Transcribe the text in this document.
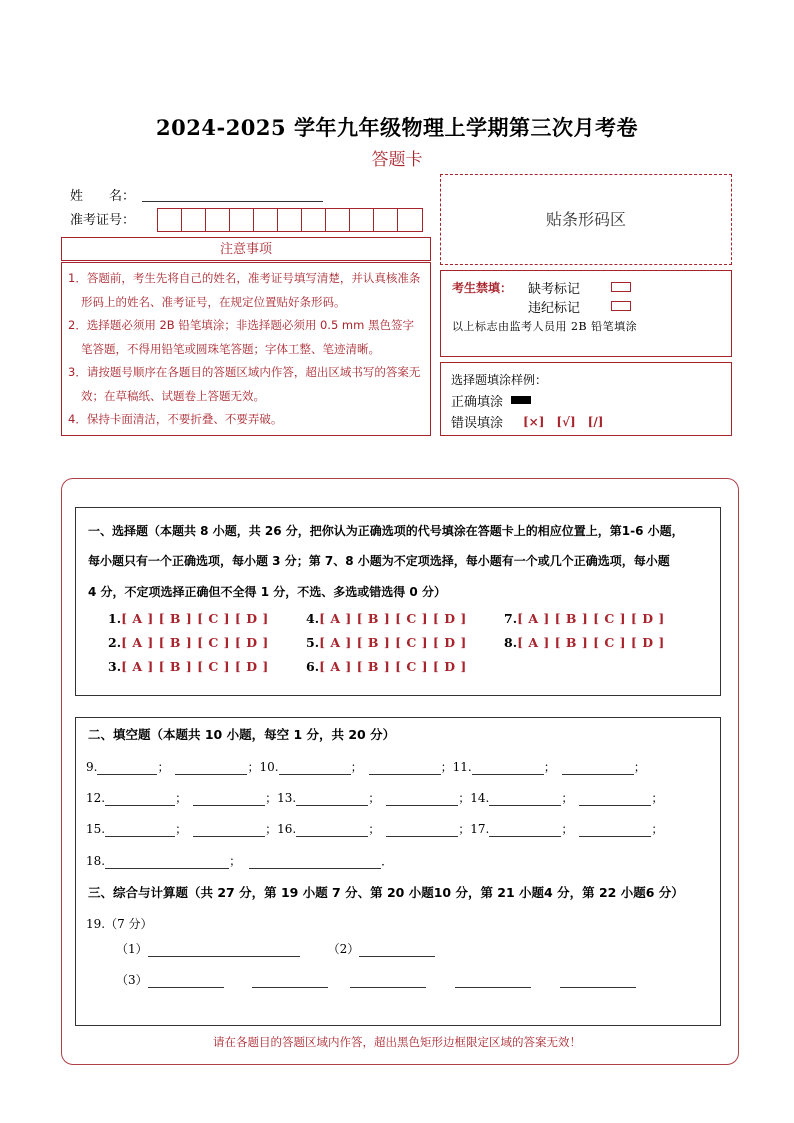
2024-2025 学年九年级物理上学期第三次月考卷
答题卡
姓　　名：
准考证号：
注意事项

1．答题前，考生先将自己的姓名，准考证号填写清楚，并认真核准条形码上的姓名、准考证号，在规定位置贴好条形码。

2．选择题必须用 2B 铅笔填涂；非选择题必须用 0.5 mm 黑色签字笔答题，不得用铅笔或圆珠笔答题；字体工整、笔迹清晰。

3．请按题号顺序在各题目的答题区域内作答，超出区域书写的答案无效；在草稿纸、试题卷上答题无效。

4．保持卡面清洁，不要折叠、不要弄破。

贴条形码区
考生禁填： 缺考标记
违纪标记
以上标志由监考人员用 2B 铅笔填涂
选择题填涂样例：
正确填涂
错误填涂 [×]　[√]　[/]
一、选择题（本题共 8 小题，共 26 分，把你认为正确选项的代号填涂在答题卡上的相应位置上，第1-6 小题，
每小题只有一个正确选项，每小题 3 分；第 7、8 小题为不定项选择，每小题有一个或几个正确选项，每小题
4 分，不定项选择正确但不全得 1 分，不选、多选或错选得 0 分）
1.[ A ] [ B ] [ C ] [ D ]
2.[ A ] [ B ] [ C ] [ D ]
3.[ A ] [ B ] [ C ] [ D ]
4.[ A ] [ B ] [ C ] [ D ]
5.[ A ] [ B ] [ C ] [ D ]
6.[ A ] [ B ] [ C ] [ D ]
7.[ A ] [ B ] [ C ] [ D ]
8.[ A ] [ B ] [ C ] [ D ]
二、填空题（本题共 10 小题，每空 1 分，共 20 分）
9.	；	；10.	；	；11.	；	；
12.	；	；13.	；	；14.	；	；
15.	；	；16.	；	；17.	；	；
18.	；	．
三、综合与计算题（共 27 分，第 19 小题 7 分、第 20 小题10 分，第 21 小题4 分，第 22 小题6 分）
19.（7 分）
（1）	（2）
（3）
请在各题目的答题区域内作答，超出黑色矩形边框限定区域的答案无效！
